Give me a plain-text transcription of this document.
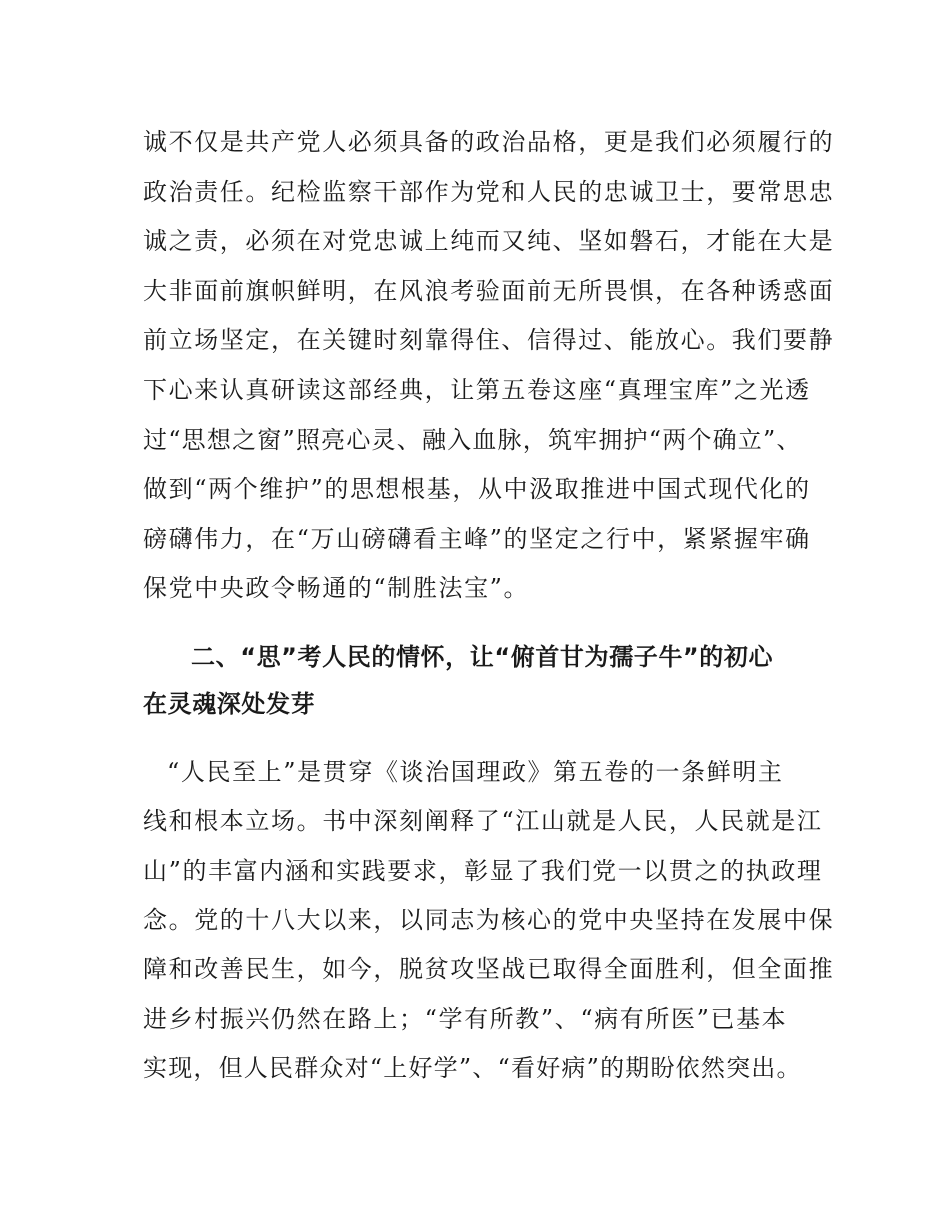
诚不仅是共产党人必须具备的政治品格，更是我们必须履行的
政治责任。纪检监察干部作为党和人民的忠诚卫士，要常思忠
诚之责，必须在对党忠诚上纯而又纯、坚如磐石，才能在大是
大非面前旗帜鲜明，在风浪考验面前无所畏惧，在各种诱惑面
前立场坚定，在关键时刻靠得住、信得过、能放心。我们要静
下心来认真研读这部经典，让第五卷这座“真理宝库”之光透
过“思想之窗”照亮心灵、融入血脉，筑牢拥护“两个确立”、
做到“两个维护”的思想根基，从中汲取推进中国式现代化的
磅礴伟力，在“万山磅礴看主峰”的坚定之行中，紧紧握牢确
保党中央政令畅通的“制胜法宝”。
二、“思”考人民的情怀，让“俯首甘为孺子牛”的初心
在灵魂深处发芽
“人民至上”是贯穿《谈治国理政》第五卷的一条鲜明主
线和根本立场。书中深刻阐释了“江山就是人民，人民就是江
山”的丰富内涵和实践要求，彰显了我们党一以贯之的执政理
念。党的十八大以来，以同志为核心的党中央坚持在发展中保
障和改善民生，如今，脱贫攻坚战已取得全面胜利，但全面推
进乡村振兴仍然在路上；“学有所教”、“病有所医”已基本
实现，但人民群众对“上好学”、“看好病”的期盼依然突出。
